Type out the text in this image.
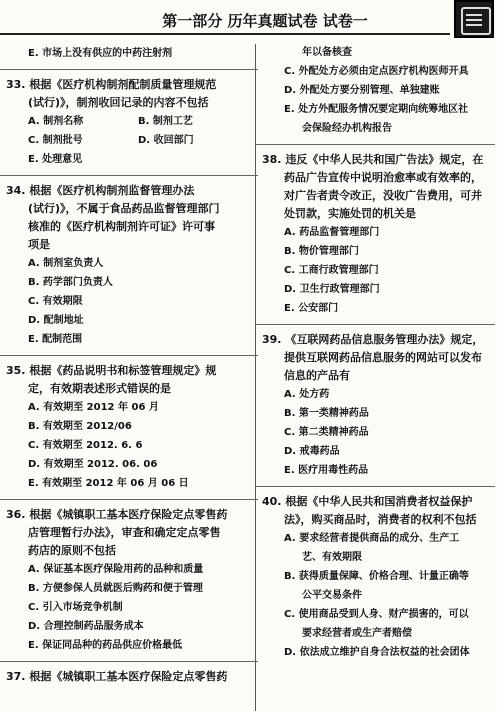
第一部分 历年真题试卷 试卷一
E. 市场上没有供应的中药注射剂
33. 根据《医疗机构制剂配制质量管理规范
(试行)》，制剂收回记录的内容不包括
A. 制剂名称	B. 制剂工艺
C. 制剂批号	D. 收回部门
E. 处理意见
34. 根据《医疗机构制剂监督管理办法
(试行)》，不属于食品药品监督管理部门
核准的《医疗机构制剂许可证》许可事
项是
A. 制剂室负责人
B. 药学部门负责人
C. 有效期限
D. 配制地址
E. 配制范围
35. 根据《药品说明书和标签管理规定》规
定，有效期表述形式错误的是
A. 有效期至 2012 年 06 月
B. 有效期至 2012/06
C. 有效期至 2012. 6. 6
D. 有效期至 2012. 06. 06
E. 有效期至 2012 年 06 月 06 日
36. 根据《城镇职工基本医疗保险定点零售药
店管理暂行办法》，审查和确定定点零售
药店的原则不包括
A. 保证基本医疗保险用药的品种和质量
B. 方便参保人员就医后购药和便于管理
C. 引入市场竞争机制
D. 合理控制药品服务成本
E. 保证同品种的药品供应价格最低
37. 根据《城镇职工基本医疗保险定点零售药
年以备核查
C. 外配处方必须由定点医疗机构医师开具
D. 外配处方要分别管理、单独建账
E. 处方外配服务情况要定期向统筹地区社
会保险经办机构报告
38. 违反《中华人民共和国广告法》规定，在
药品广告宣传中说明治愈率或有效率的，
对广告者责令改正，没收广告费用，可并
处罚款，实施处罚的机关是
A. 药品监督管理部门
B. 物价管理部门
C. 工商行政管理部门
D. 卫生行政管理部门
E. 公安部门
39. 《互联网药品信息服务管理办法》规定，
提供互联网药品信息服务的网站可以发布
信息的产品有
A. 处方药
B. 第一类精神药品
C. 第二类精神药品
D. 戒毒药品
E. 医疗用毒性药品
40. 根据《中华人民共和国消费者权益保护
法》，购买商品时，消费者的权利不包括
A. 要求经营者提供商品的成分、生产工
艺、有效期限
B. 获得质量保障、价格合理、计量正确等
公平交易条件
C. 使用商品受到人身、财产损害的，可以
要求经营者或生产者赔偿
D. 依法成立维护自身合法权益的社会团体
